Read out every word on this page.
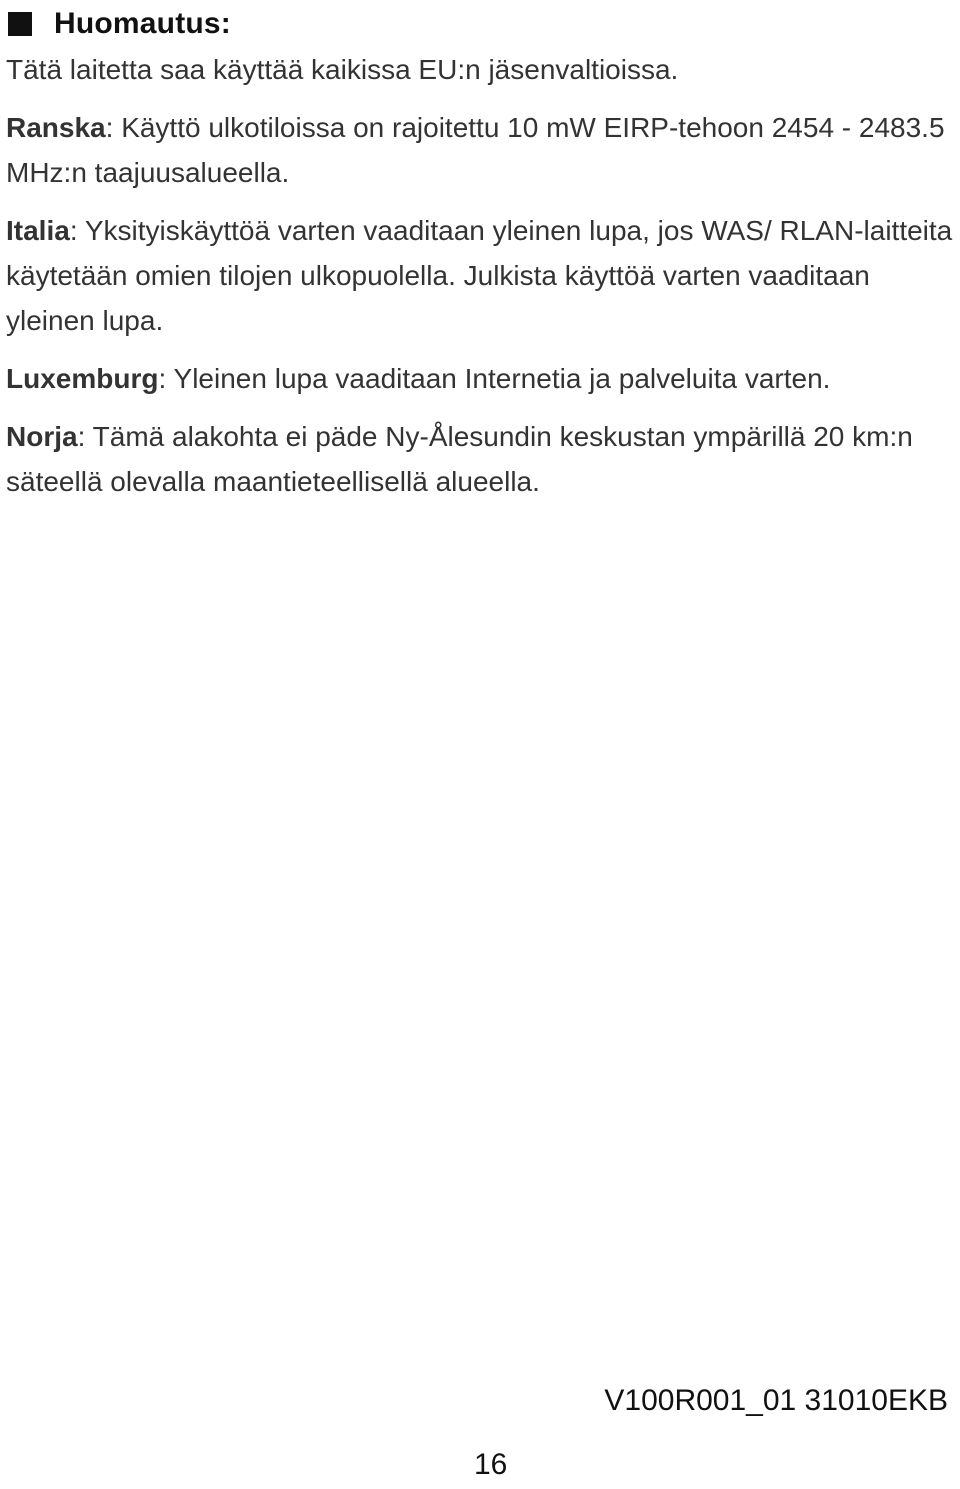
Huomautus:

Tätä laitetta saa käyttää kaikissa EU:n jäsenvaltioissa.

Ranska: Käyttö ulkotiloissa on rajoitettu 10 mW EIRP-tehoon 2454 - 2483.5 MHz:n taajuusalueella.

Italia: Yksityiskäyttöä varten vaaditaan yleinen lupa, jos WAS/ RLAN-laitteita käytetään omien tilojen ulkopuolella. Julkista käyttöä varten vaaditaan yleinen lupa.

Luxemburg: Yleinen lupa vaaditaan Internetia ja palveluita varten.

Norja: Tämä alakohta ei päde Ny-Ålesundin keskustan ympärillä 20 km:n säteellä olevalla maantieteellisellä alueella.

V100R001_01 31010EKB
16
